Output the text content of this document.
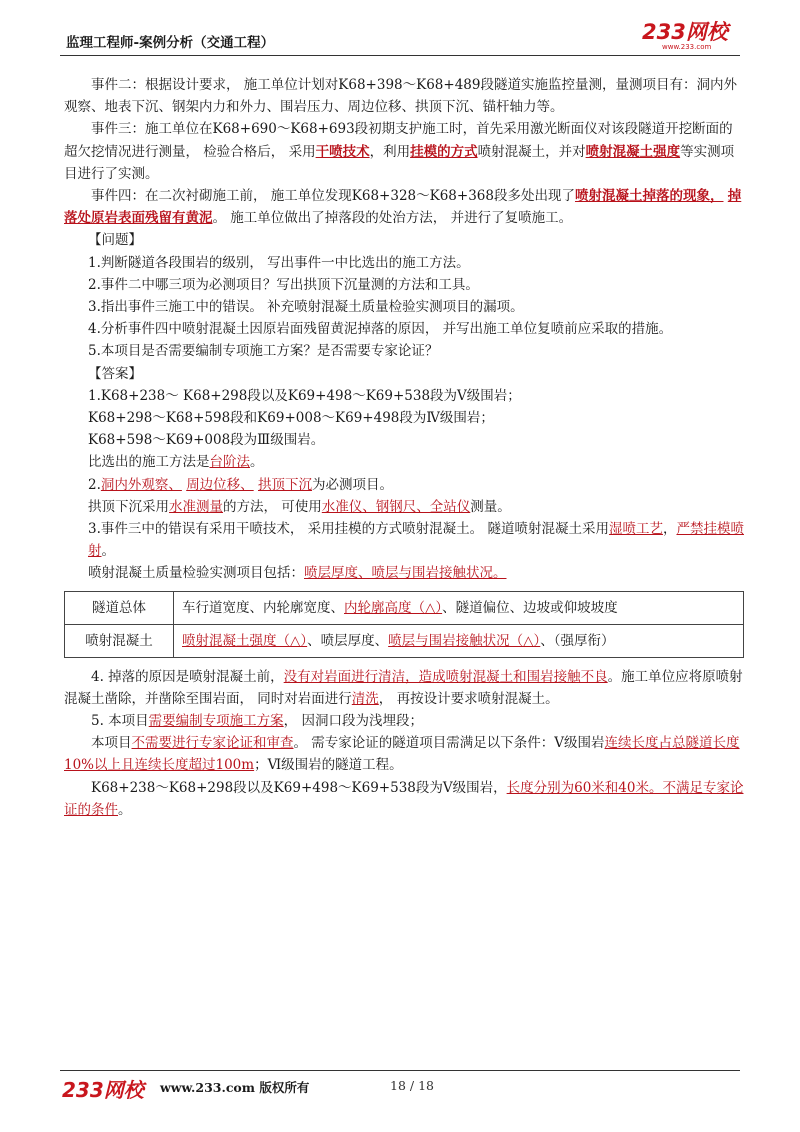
监理工程师-案例分析（交通工程）	233网校
www.233.com

事件二：根据设计要求， 施工单位计划对K68+398～K68+489段隧道实施监控量测，量测项目有：洞内外观察、地表下沉、钢架内力和外力、围岩压力、周边位移、拱顶下沉、锚杆轴力等。

事件三：施工单位在K68+690～K68+693段初期支护施工时，首先采用激光断面仪对该段隧道开挖断面的超欠挖情况进行测量， 检验合格后， 采用干喷技术，利用挂模的方式喷射混凝土，并对喷射混凝土强度等实测项目进行了实测。

事件四：在二次衬砌施工前， 施工单位发现K68+328～K68+368段多处出现了喷射混凝土掉落的现象， 掉落处原岩表面残留有黄泥。 施工单位做出了掉落段的处治方法， 并进行了复喷施工。

【问题】

1.判断隧道各段围岩的级别， 写出事件一中比选出的施工方法。

2.事件二中哪三项为必测项目？写出拱顶下沉量测的方法和工具。

3.指出事件三施工中的错误。 补充喷射混凝土质量检验实测项目的漏项。

4.分析事件四中喷射混凝土因原岩面残留黄泥掉落的原因， 并写出施工单位复喷前应采取的措施。

5.本项目是否需要编制专项施工方案？是否需要专家论证？

【答案】

1.K68+238～ K68+298段以及K69+498～K69+538段为Ⅴ级围岩；

K68+298～K68+598段和K69+008～K69+498段为Ⅳ级围岩；

K68+598～K69+008段为Ⅲ级围岩。

比选出的施工方法是台阶法。

2.洞内外观察、 周边位移、 拱顶下沉为必测项目。

拱顶下沉采用水准测量的方法， 可使用水准仪、钢钢尺、全站仪测量。

3.事件三中的错误有采用干喷技术， 采用挂模的方式喷射混凝土。 隧道喷射混凝土采用湿喷工艺，严禁挂模喷射。

喷射混凝土质量检验实测项目包括：喷层厚度、喷层与围岩接触状况。

隧道总体	车行道宽度、内轮廓宽度、内轮廓高度（△）、隧道偏位、边坡或仰坡坡度
喷射混凝土	喷射混凝土强度（△）、喷层厚度、喷层与围岩接触状况（△）、（强厚衔）

4. 掉落的原因是喷射混凝土前，没有对岩面进行清洁，造成喷射混凝土和围岩接触不良。施工单位应将原喷射混凝土凿除，并凿除至围岩面， 同时对岩面进行清洗， 再按设计要求喷射混凝土。

5. 本项目需要编制专项施工方案， 因洞口段为浅埋段；

本项目不需要进行专家论证和审查。 需专家论证的隧道项目需满足以下条件：Ⅴ级围岩连续长度占总隧道长度10%以上且连续长度超过100m；Ⅵ级围岩的隧道工程。

K68+238～K68+298段以及K69+498～K69+538段为Ⅴ级围岩，长度分别为60米和40米。不满足专家论证的条件。

233网校 www.233.com 版权所有	18 / 18
